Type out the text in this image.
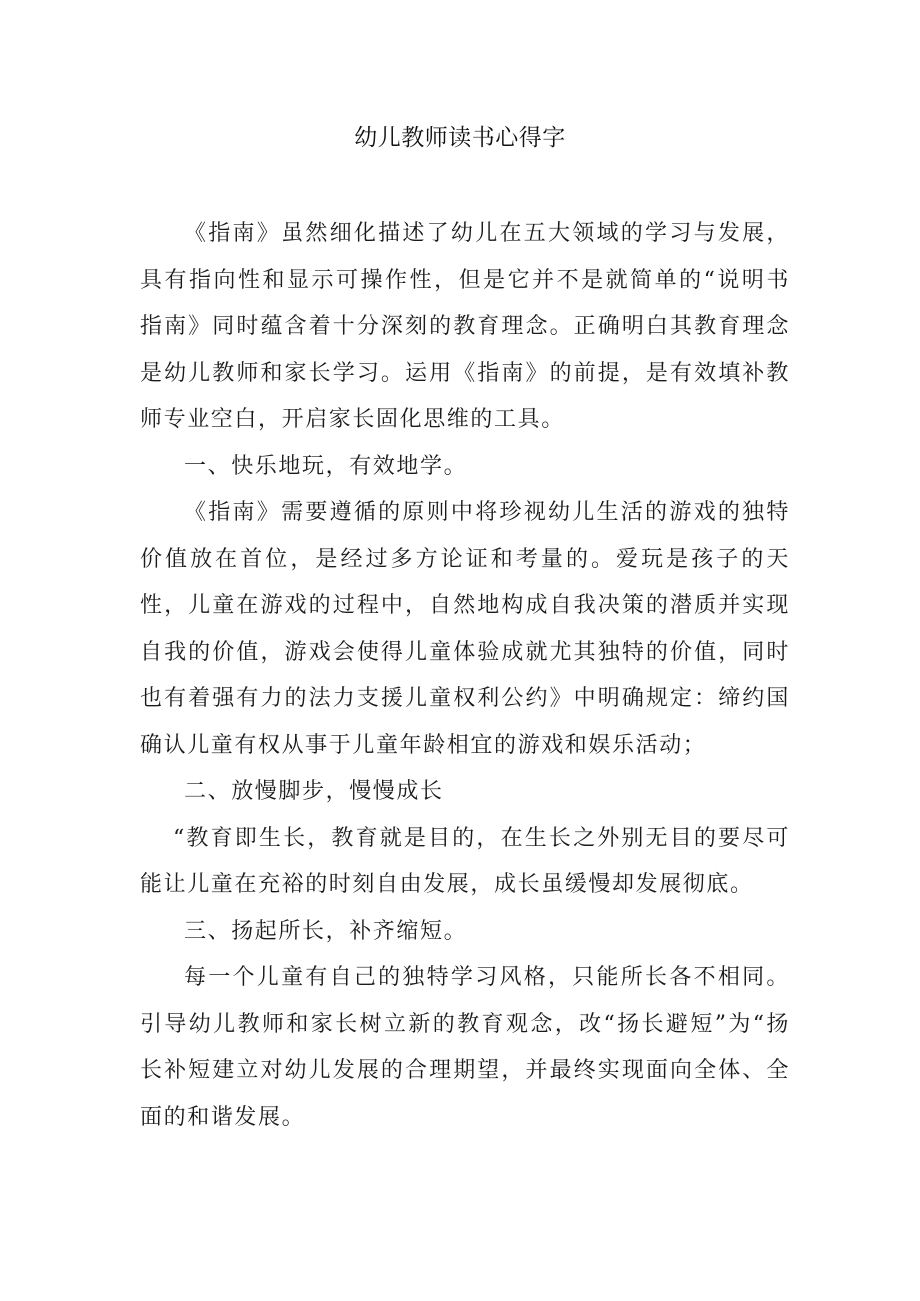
幼儿教师读书心得字

《指南》虽然细化描述了幼儿在五大领域的学习与发展，具有指向性和显示可操作性，但是它并不是就简单的“说明书指南》同时蕴含着十分深刻的教育理念。正确明白其教育理念是幼儿教师和家长学习。运用《指南》的前提，是有效填补教师专业空白，开启家长固化思维的工具。

一、快乐地玩，有效地学。

《指南》需要遵循的原则中将珍视幼儿生活的游戏的独特价值放在首位，是经过多方论证和考量的。爱玩是孩子的天性，儿童在游戏的过程中，自然地构成自我决策的潜质并实现自我的价值，游戏会使得儿童体验成就尤其独特的价值，同时也有着强有力的法力支援儿童权利公约》中明确规定：缔约国确认儿童有权从事于儿童年龄相宜的游戏和娱乐活动；

二、放慢脚步，慢慢成长

“教育即生长，教育就是目的，在生长之外别无目的要尽可能让儿童在充裕的时刻自由发展，成长虽缓慢却发展彻底。

三、扬起所长，补齐缩短。

每一个儿童有自己的独特学习风格，只能所长各不相同。引导幼儿教师和家长树立新的教育观念，改“扬长避短”为“扬长补短建立对幼儿发展的合理期望，并最终实现面向全体、全面的和谐发展。
